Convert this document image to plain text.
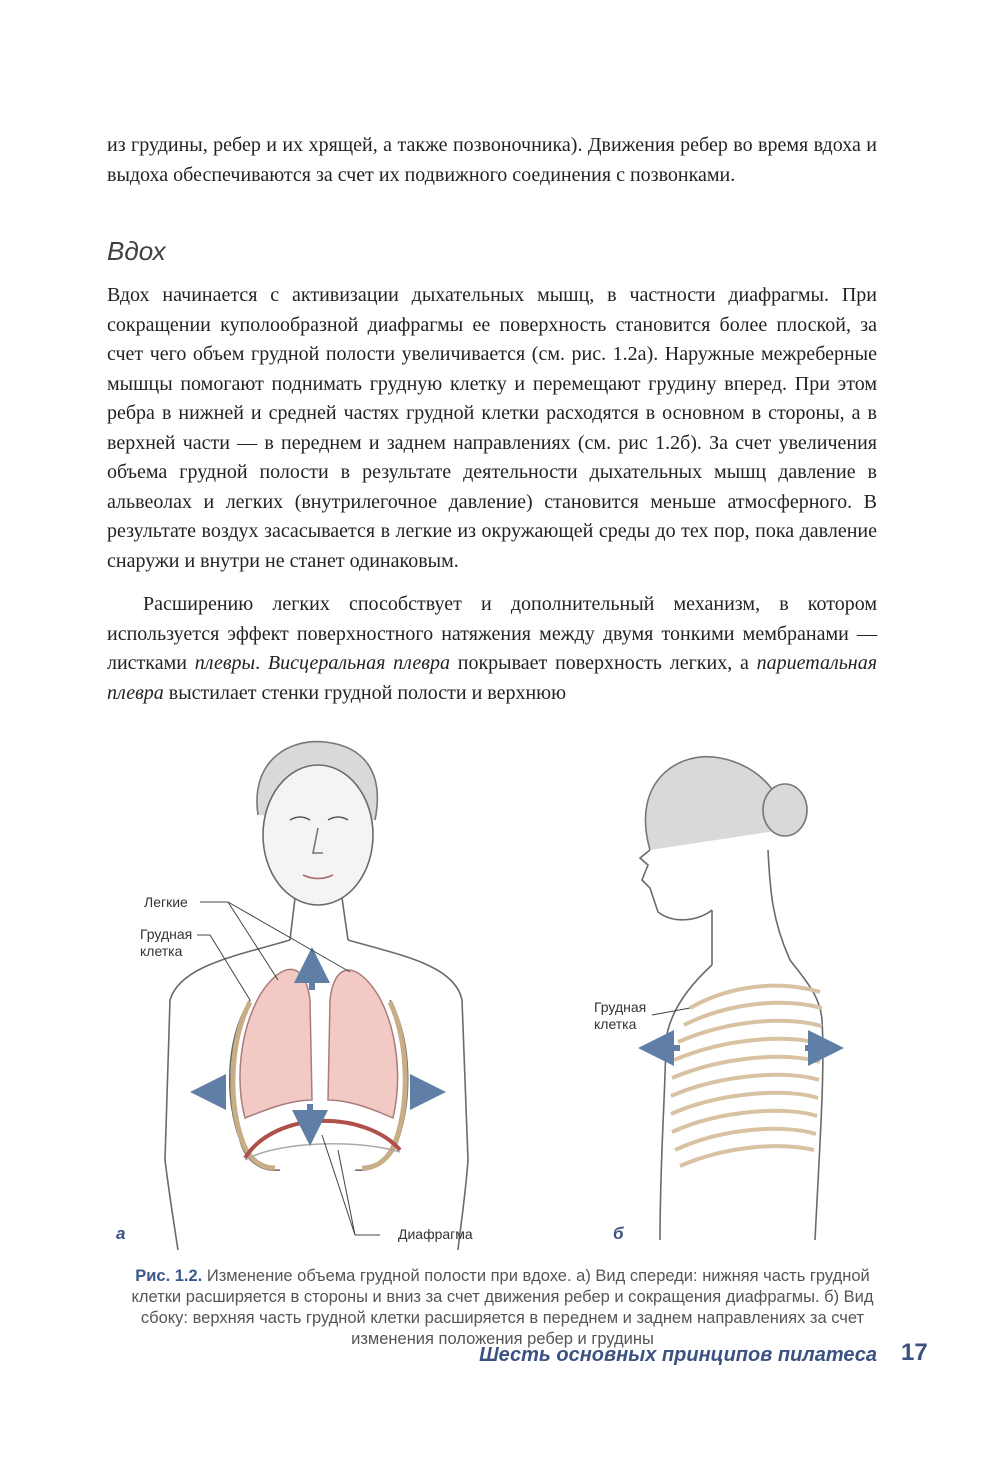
из грудины, ребер и их хрящей, а также позвоночника). Движения ребер во время вдоха и выдоха обеспечиваются за счет их подвижного соединения с позвонками.

Вдох

Вдох начинается с активизации дыхательных мышц, в частности диафрагмы. При сокращении куполообразной диафрагмы ее поверхность становится более плоской, за счет чего объем грудной полости увеличивается (см. рис. 1.2а). Наружные межреберные мышцы помогают поднимать грудную клетку и перемещают грудину вперед. При этом ребра в нижней и средней частях грудной клетки расходятся в основном в стороны, а в верхней части — в переднем и заднем направлениях (см. рис 1.2б). За счет увеличения объема грудной полости в результате деятельности дыхательных мышц давление в альвеолах и легких (внутрилегочное давление) становится меньше атмосферного. В результате воздух засасывается в легкие из окружающей среды до тех пор, пока давление снаружи и внутри не станет одинаковым.

Расширению легких способствует и дополнительный механизм, в котором используется эффект поверхностного натяжения между двумя тонкими мембранами — листками плевры. Висцеральная плевра покрывает поверхность легких, а париетальная плевра выстилает стенки грудной полости и верхнюю

Легкие
Грудная
клетка
Диафрагма
Грудная
клетка
а	б
Рис. 1.2. Изменение объема грудной полости при вдохе. а) Вид спереди: нижняя часть грудной клетки расширяется в стороны и вниз за счет движения ребер и сокращения диафрагмы. б) Вид сбоку: верхняя часть грудной клетки расширяется в переднем и заднем направлениях за счет изменения положения ребер и грудины
Шесть основных принципов пилатеса 17
